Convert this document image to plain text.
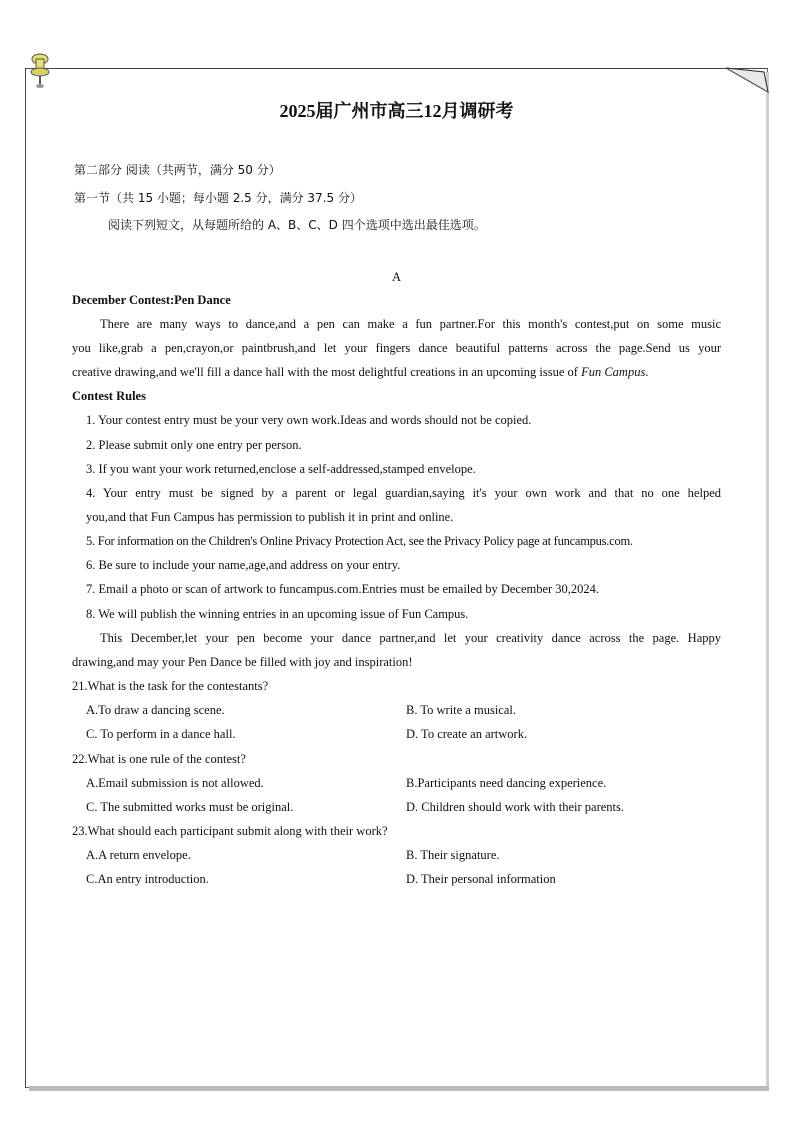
2025届广州市高三12月调研考
第二部分 阅读（共两节，满分 50 分）
第一节（共 15 小题；每小题 2.5 分，满分 37.5 分）
阅读下列短文，从每题所给的 A、B、C、D 四个选项中选出最佳选项。
A
December Contest:Pen Dance
There are many ways to dance,and a pen can make a fun partner.For this month's contest,put on some music
you like,grab a pen,crayon,or paintbrush,and let your fingers dance beautiful patterns across the page.Send us your
creative drawing,and we'll fill a dance hall with the most delightful creations in an upcoming issue of Fun Campus.
Contest Rules
1. Your contest entry must be your very own work.Ideas and words should not be copied.
2. Please submit only one entry per person.
3. If you want your work returned,enclose a self-addressed,stamped envelope.
4. Your entry must be signed by a parent or legal guardian,saying it's your own work and that no one helped
you,and that Fun Campus has permission to publish it in print and online.
5. For information on the Children's Online Privacy Protection Act, see the Privacy Policy page at funcampus.com.
6. Be sure to include your name,age,and address on your entry.
7. Email a photo or scan of artwork to funcampus.com.Entries must be emailed by December 30,2024.
8. We will publish the winning entries in an upcoming issue of Fun Campus.
This December,let your pen become your dance partner,and let your creativity dance across the page. Happy
drawing,and may your Pen Dance be filled with joy and inspiration!
21.What is the task for the contestants?
A.To draw a dancing scene.	B. To write a musical.
C. To perform in a dance hall.	D. To create an artwork.
22.What is one rule of the contest?
A.Email submission is not allowed.	B.Participants need dancing experience.
C. The submitted works must be original.	D. Children should work with their parents.
23.What should each participant submit along with their work?
A.A return envelope.	B. Their signature.
C.An entry introduction.	D. Their personal information
